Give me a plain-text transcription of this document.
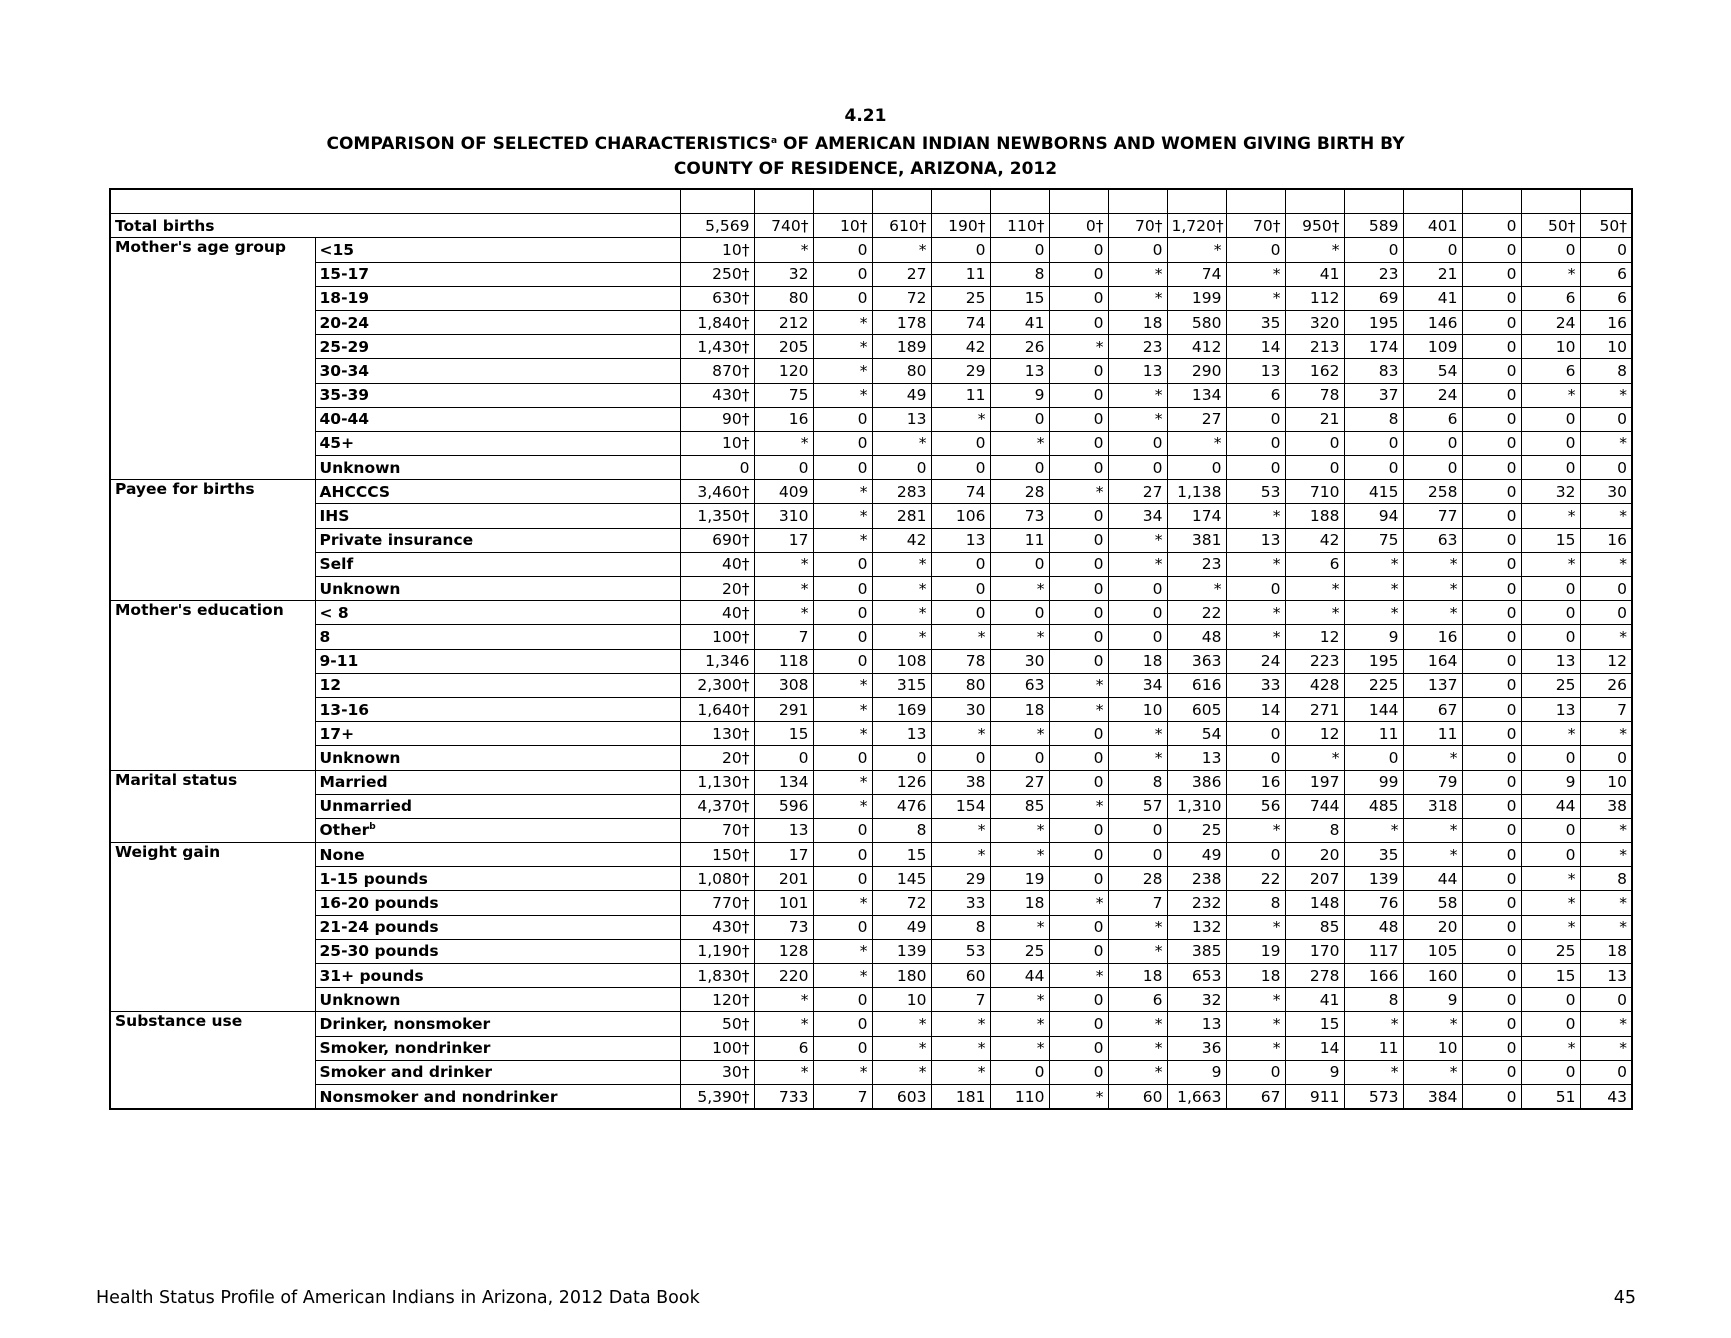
4.21
COMPARISON OF SELECTED CHARACTERISTICS$^a$ OF AMERICAN INDIAN NEWBORNS AND WOMEN GIVING BIRTH BY
COUNTY OF RESIDENCE, ARIZONA, 2012

Total births		5,569	740†	10†	610†	190†	110†	0†	70†	1,720†	70†	950†	589	401	0	50†	50†
Mother's age group	<15	10†	*	0	*	0	0	0	0	*	0	*	0	0	0	0	0
	15-17	250†	32	0	27	11	8	0	*	74	*	41	23	21	0	*	6
	18-19	630†	80	0	72	25	15	0	*	199	*	112	69	41	0	6	6
	20-24	1,840†	212	*	178	74	41	0	18	580	35	320	195	146	0	24	16
	25-29	1,430†	205	*	189	42	26	*	23	412	14	213	174	109	0	10	10
	30-34	870†	120	*	80	29	13	0	13	290	13	162	83	54	0	6	8
	35-39	430†	75	*	49	11	9	0	*	134	6	78	37	24	0	*	*
	40-44	90†	16	0	13	*	0	0	*	27	0	21	8	6	0	0	0
	45+	10†	*	0	*	0	*	0	0	*	0	0	0	0	0	0	*
	Unknown	0	0	0	0	0	0	0	0	0	0	0	0	0	0	0	0
Payee for births	AHCCCS	3,460†	409	*	283	74	28	*	27	1,138	53	710	415	258	0	32	30
	IHS	1,350†	310	*	281	106	73	0	34	174	*	188	94	77	0	*	*
	Private insurance	690†	17	*	42	13	11	0	*	381	13	42	75	63	0	15	16
	Self	40†	*	0	*	0	0	0	*	23	*	6	*	*	0	*	*
	Unknown	20†	*	0	*	0	*	0	0	*	0	*	*	*	0	0	0
Mother's education	< 8	40†	*	0	*	0	0	0	0	22	*	*	*	*	0	0	0
	8	100†	7	0	*	*	*	0	0	48	*	12	9	16	0	0	*
	9-11	1,346	118	0	108	78	30	0	18	363	24	223	195	164	0	13	12
	12	2,300†	308	*	315	80	63	*	34	616	33	428	225	137	0	25	26
	13-16	1,640†	291	*	169	30	18	*	10	605	14	271	144	67	0	13	7
	17+	130†	15	*	13	*	*	0	*	54	0	12	11	11	0	*	*
	Unknown	20†	0	0	0	0	0	0	*	13	0	*	0	*	0	0	0
Marital status	Married	1,130†	134	*	126	38	27	0	8	386	16	197	99	79	0	9	10
	Unmarried	4,370†	596	*	476	154	85	*	57	1,310	56	744	485	318	0	44	38
	Other$^b$	70†	13	0	8	*	*	0	0	25	*	8	*	*	0	0	*
Weight gain	None	150†	17	0	15	*	*	0	0	49	0	20	35	*	0	0	*
	1-15 pounds	1,080†	201	0	145	29	19	0	28	238	22	207	139	44	0	*	8
	16-20 pounds	770†	101	*	72	33	18	*	7	232	8	148	76	58	0	*	*
	21-24 pounds	430†	73	0	49	8	*	0	*	132	*	85	48	20	0	*	*
	25-30 pounds	1,190†	128	*	139	53	25	0	*	385	19	170	117	105	0	25	18
	31+ pounds	1,830†	220	*	180	60	44	*	18	653	18	278	166	160	0	15	13
	Unknown	120†	*	0	10	7	*	0	6	32	*	41	8	9	0	0	0
Substance use	Drinker, nonsmoker	50†	*	0	*	*	*	0	*	13	*	15	*	*	0	0	*
	Smoker, nondrinker	100†	6	0	*	*	*	0	*	36	*	14	11	10	0	*	*
	Smoker and drinker	30†	*	*	*	*	0	0	*	9	0	9	*	*	0	0	0
	Nonsmoker and nondrinker	5,390†	733	7	603	181	110	*	60	1,663	67	911	573	384	0	51	43
Health Status Profile of American Indians in Arizona, 2012 Data Book	45
